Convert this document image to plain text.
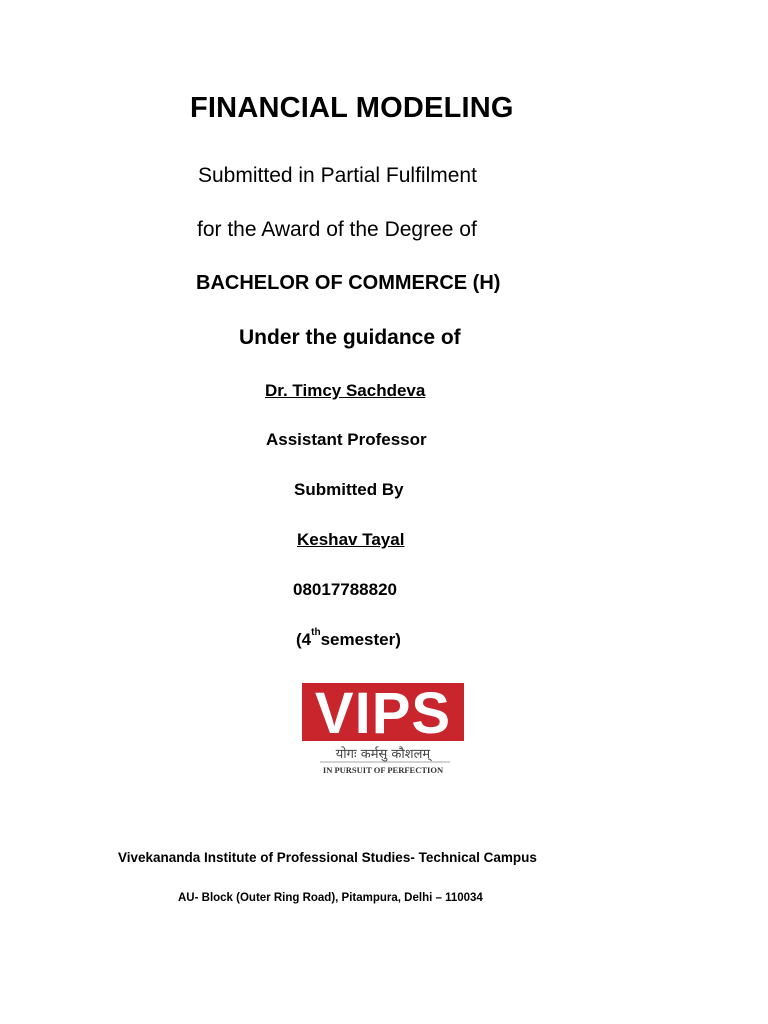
FINANCIAL MODELING
Submitted in Partial Fulfilment
for the Award of the Degree of
BACHELOR OF COMMERCE (H)
Under the guidance of
Dr. Timcy Sachdeva
Assistant Professor
Submitted By
Keshav Tayal
08017788820
(4thsemester)
VIPS
योगः कर्मसु कौशलम्
IN PURSUIT OF PERFECTION
Vivekananda Institute of Professional Studies- Technical Campus
AU- Block (Outer Ring Road), Pitampura, Delhi – 110034
